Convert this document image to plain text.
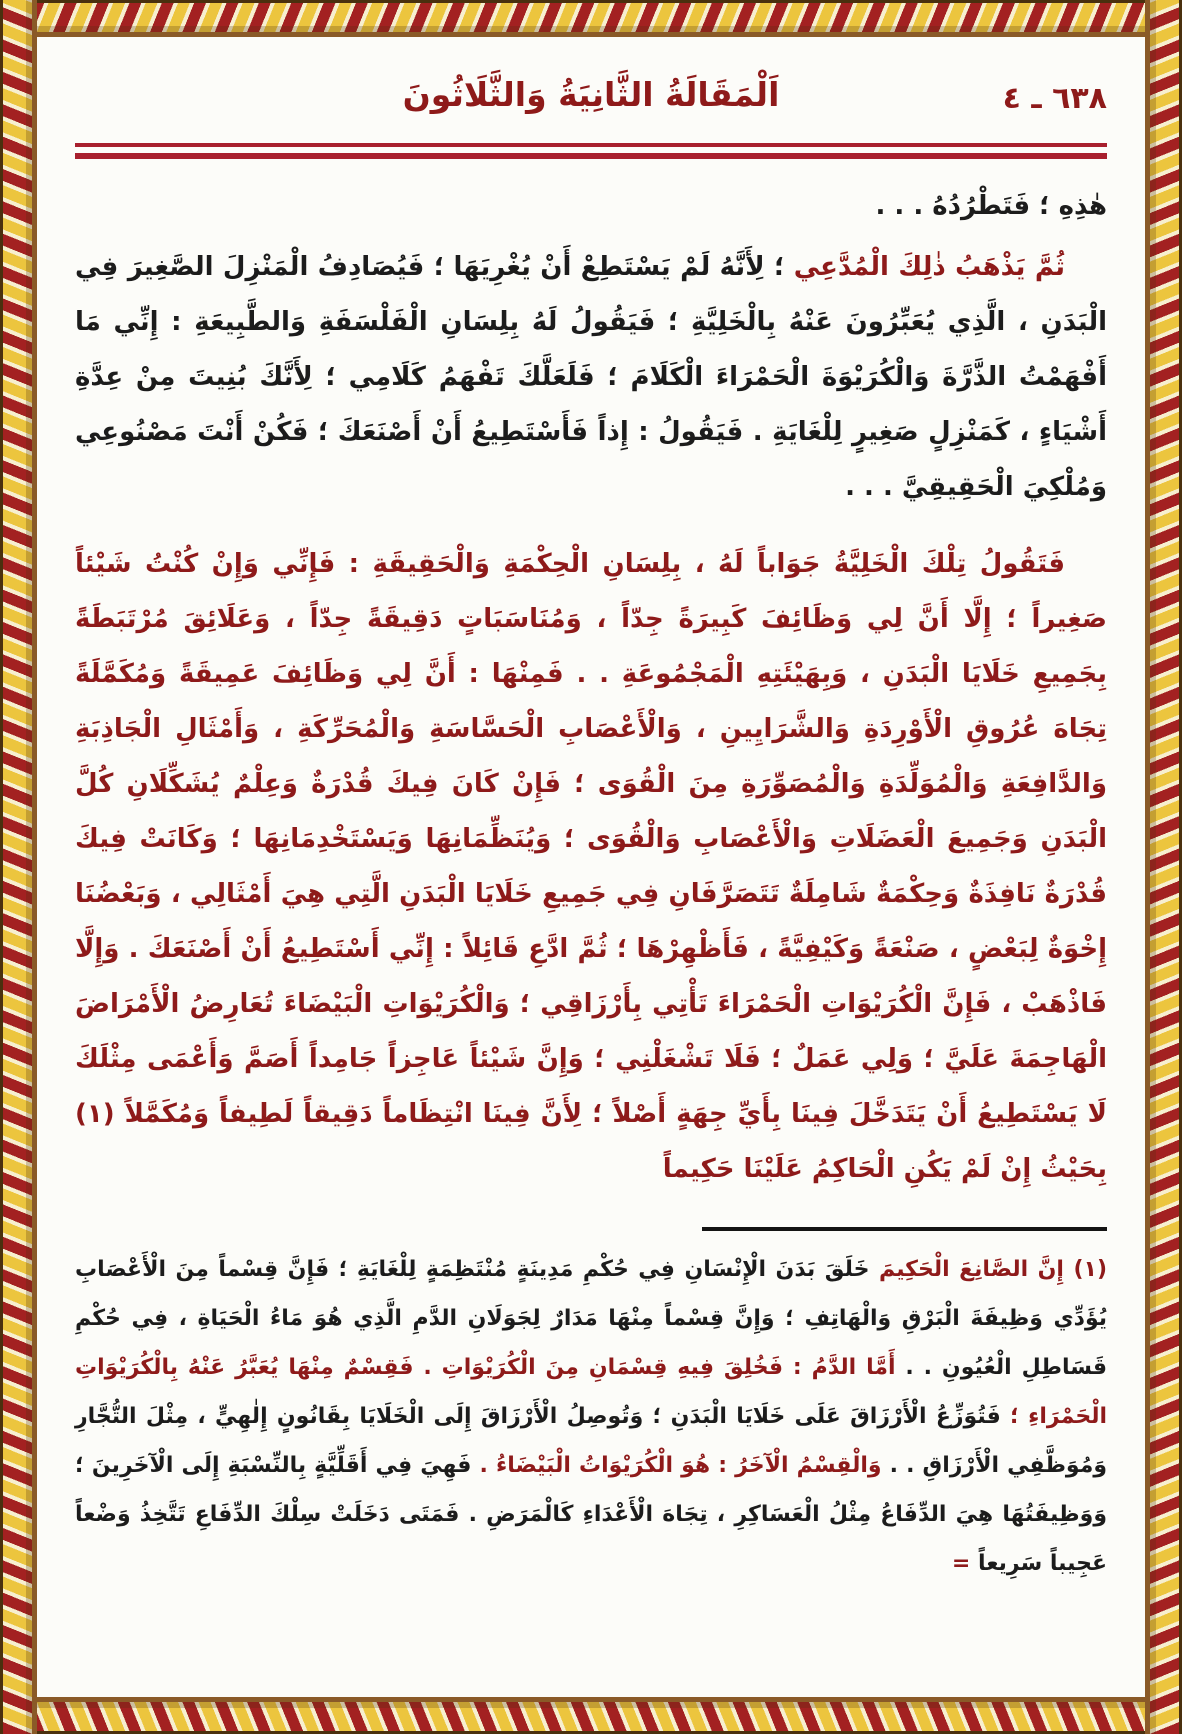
٦٣٨ ـ ٤
اَلْمَقَالَةُ الثَّانِيَةُ وَالثَّلَاثُونَ

هٰذِهِ ؛ فَتَطْرُدُهُ . . .

ثُمَّ يَذْهَبُ ذٰلِكَ الْمُدَّعِي ؛ لِأَنَّهُ لَمْ يَسْتَطِعْ أَنْ يُغْرِيَهَا ؛ فَيُصَادِفُ الْمَنْزِلَ الصَّغِيرَ فِي الْبَدَنِ ، الَّذِي يُعَبِّرُونَ عَنْهُ بِالْخَلِيَّةِ ؛ فَيَقُولُ لَهُ بِلِسَانِ الْفَلْسَفَةِ وَالطَّبِيعَةِ : إِنِّي مَا أَفْهَمْتُ الذَّرَّةَ وَالْكُرَيْوَةَ الْحَمْرَاءَ الْكَلَامَ ؛ فَلَعَلَّكَ تَفْهَمُ كَلَامِي ؛ لِأَنَّكَ بُنِيتَ مِنْ عِدَّةِ أَشْيَاءٍ ، كَمَنْزِلٍ صَغِيرٍ لِلْغَايَةِ . فَيَقُولُ : إِذاً فَأَسْتَطِيعُ أَنْ أَصْنَعَكَ ؛ فَكُنْ أَنْتَ مَصْنُوعِي وَمُلْكِيَ الْحَقِيقِيَّ . . .

فَتَقُولُ تِلْكَ الْخَلِيَّةُ جَوَاباً لَهُ ، بِلِسَانِ الْحِكْمَةِ وَالْحَقِيقَةِ : فَإِنِّي وَإِنْ كُنْتُ شَيْئاً صَغِيراً ؛ إِلَّا أَنَّ لِي وَظَائِفَ كَبِيرَةً جِدّاً ، وَمُنَاسَبَاتٍ دَقِيقَةً جِدّاً ، وَعَلَائِقَ مُرْتَبَطَةً بِجَمِيعِ خَلَايَا الْبَدَنِ ، وَبِهَيْئَتِهِ الْمَجْمُوعَةِ . . فَمِنْهَا : أَنَّ لِي وَظَائِفَ عَمِيقَةً وَمُكَمَّلَةً تِجَاهَ عُرُوقِ الْأَوْرِدَةِ وَالشَّرَايِينِ ، وَالْأَعْصَابِ الْحَسَّاسَةِ وَالْمُحَرِّكَةِ ، وَأَمْثَالِ الْجَاذِبَةِ وَالدَّافِعَةِ وَالْمُوَلِّدَةِ وَالْمُصَوِّرَةِ مِنَ الْقُوَى ؛ فَإِنْ كَانَ فِيكَ قُدْرَةٌ وَعِلْمٌ يُشَكِّلَانِ كُلَّ الْبَدَنِ وَجَمِيعَ الْعَضَلَاتِ وَالْأَعْصَابِ وَالْقُوَى ؛ وَيُنَظِّمَانِهَا وَيَسْتَخْدِمَانِهَا ؛ وَكَانَتْ فِيكَ قُدْرَةٌ نَافِذَةٌ وَحِكْمَةٌ شَامِلَةٌ تَتَصَرَّفَانِ فِي جَمِيعِ خَلَايَا الْبَدَنِ الَّتِي هِيَ أَمْثَالِي ، وَبَعْضُنَا إِخْوَةٌ لِبَعْضٍ ، صَنْعَةً وَكَيْفِيَّةً ، فَأَظْهِرْهَا ؛ ثُمَّ ادَّعِ قَائِلاً : إِنِّي أَسْتَطِيعُ أَنْ أَصْنَعَكَ . وَإِلَّا فَاذْهَبْ ، فَإِنَّ الْكُرَيْوَاتِ الْحَمْرَاءَ تَأْتِي بِأَرْزَاقِي ؛ وَالْكُرَيْوَاتِ الْبَيْضَاءَ تُعَارِضُ الْأَمْرَاضَ الْهَاجِمَةَ عَلَيَّ ؛ وَلِي عَمَلٌ ؛ فَلَا تَشْغَلْنِي ؛ وَإِنَّ شَيْئاً عَاجِزاً جَامِداً أَصَمَّ وَأَعْمَى مِثْلَكَ لَا يَسْتَطِيعُ أَنْ يَتَدَخَّلَ فِينَا بِأَيِّ جِهَةٍ أَصْلاً ؛ لِأَنَّ فِينَا انْتِظَاماً دَقِيقاً لَطِيفاً وَمُكَمَّلاً (١) بِحَيْثُ إِنْ لَمْ يَكُنِ الْحَاكِمُ عَلَيْنَا حَكِيماً

(١) إِنَّ الصَّانِعَ الْحَكِيمَ خَلَقَ بَدَنَ الْإِنْسَانِ فِي حُكْمِ مَدِينَةٍ مُنْتَظِمَةٍ لِلْغَايَةِ ؛ فَإِنَّ قِسْماً مِنَ الْأَعْصَابِ يُؤَدِّي وَظِيفَةَ الْبَرْقِ وَالْهَاتِفِ ؛ وَإِنَّ قِسْماً مِنْهَا مَدَارٌ لِجَوَلَانِ الدَّمِ الَّذِي هُوَ مَاءُ الْحَيَاةِ ، فِي حُكْمِ قَسَاطِلِ الْعُيُونِ . . أَمَّا الدَّمُ : فَخُلِقَ فِيهِ قِسْمَانِ مِنَ الْكُرَيْوَاتِ . فَقِسْمٌ مِنْهَا يُعَبَّرُ عَنْهُ بِالْكُرَيْوَاتِ الْحَمْرَاءِ ؛ فَتُوَزِّعُ الْأَرْزَاقَ عَلَى خَلَايَا الْبَدَنِ ؛ وَتُوصِلُ الْأَرْزَاقَ إِلَى الْخَلَايَا بِقَانُونٍ إِلٰهِيٍّ ، مِثْلَ التُّجَّارِ وَمُوَظَّفِي الْأَرْزَاقِ . . وَالْقِسْمُ الْآخَرُ : هُوَ الْكُرَيْوَاتُ الْبَيْضَاءُ . فَهِيَ فِي أَقَلِّيَّةٍ بِالنِّسْبَةِ إِلَى الْآخَرِينَ ؛ وَوَظِيفَتُهَا هِيَ الدِّفَاعُ مِثْلُ الْعَسَاكِرِ ، تِجَاهَ الْأَعْدَاءِ كَالْمَرَضِ . فَمَتَى دَخَلَتْ سِلْكَ الدِّفَاعِ تَتَّخِذُ وَضْعاً عَجِيباً سَرِيعاً =
